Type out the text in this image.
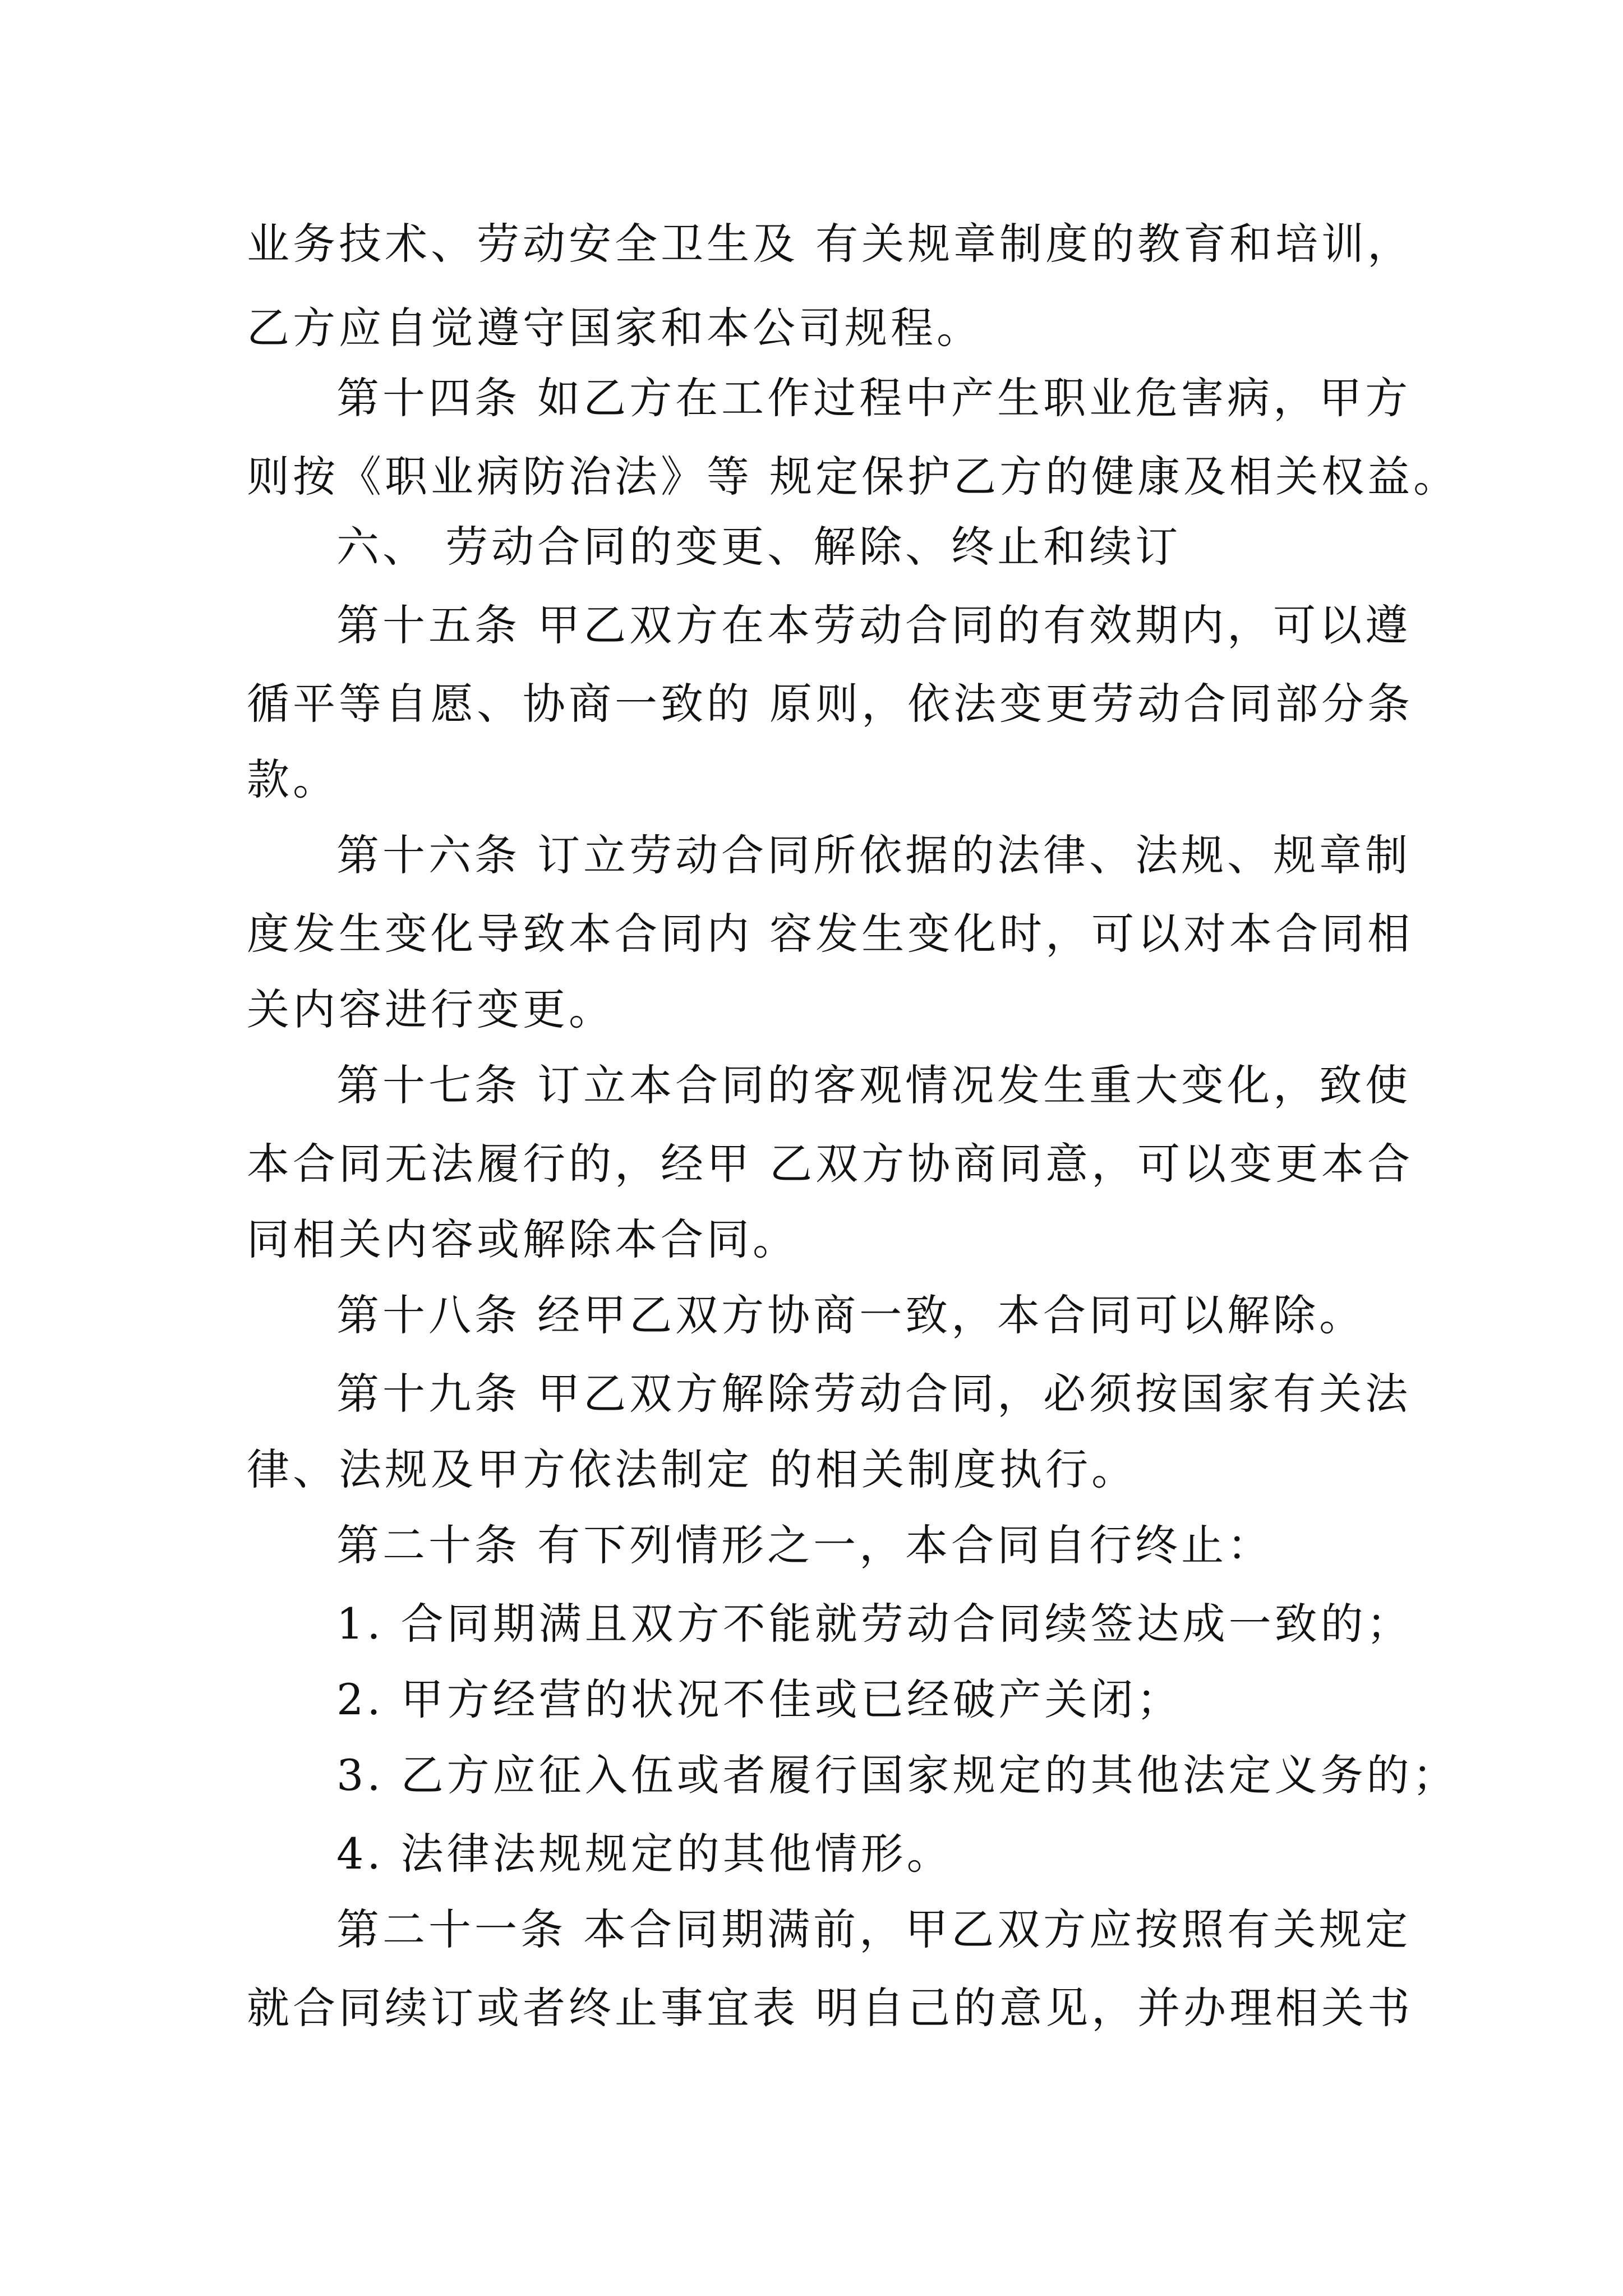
业务技术、劳动安全卫生及 有关规章制度的教育和培训，
乙方应自觉遵守国家和本公司规程。
第十四条 如乙方在工作过程中产生职业危害病，甲方
则按《职业病防治法》等 规定保护乙方的健康及相关权益。
六、 劳动合同的变更、解除、终止和续订
第十五条 甲乙双方在本劳动合同的有效期内，可以遵
循平等自愿、协商一致的 原则，依法变更劳动合同部分条
款。
第十六条 订立劳动合同所依据的法律、法规、规章制
度发生变化导致本合同内 容发生变化时，可以对本合同相
关内容进行变更。
第十七条 订立本合同的客观情况发生重大变化，致使
本合同无法履行的，经甲 乙双方协商同意，可以变更本合
同相关内容或解除本合同。
第十八条 经甲乙双方协商一致，本合同可以解除。
第十九条 甲乙双方解除劳动合同，必须按国家有关法
律、法规及甲方依法制定 的相关制度执行。
第二十条 有下列情形之一，本合同自行终止：
1. 合同期满且双方不能就劳动合同续签达成一致的；
2. 甲方经营的状况不佳或已经破产关闭；
3. 乙方应征入伍或者履行国家规定的其他法定义务的；
4. 法律法规规定的其他情形。
第二十一条 本合同期满前，甲乙双方应按照有关规定
就合同续订或者终止事宜表 明自己的意见，并办理相关书
